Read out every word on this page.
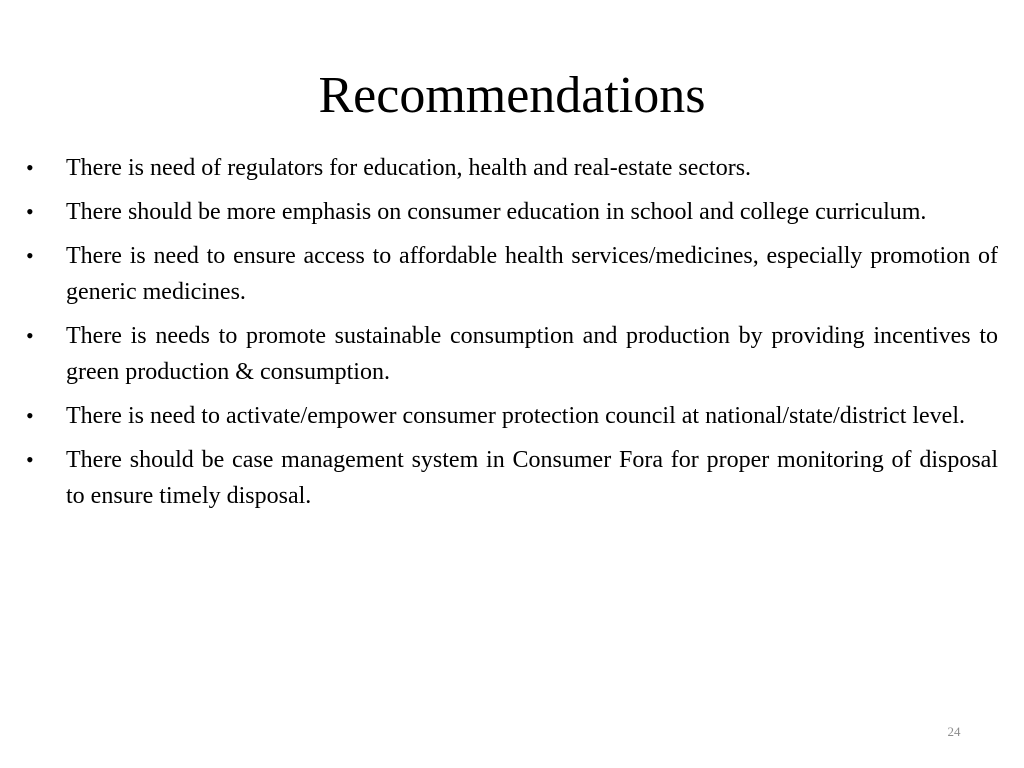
Recommendations
• There is need of regulators for education, health and real-estate sectors.
• There should be more emphasis on consumer education in school and college curriculum.
• There is need to ensure access to affordable health services/medicines, especially promotion of generic medicines.
• There is needs to promote sustainable consumption and production by providing incentives to green production & consumption.
• There is need to activate/empower consumer protection council at national/state/district level.
• There should be case management system in Consumer Fora for proper monitoring of disposal to ensure timely disposal.
24
